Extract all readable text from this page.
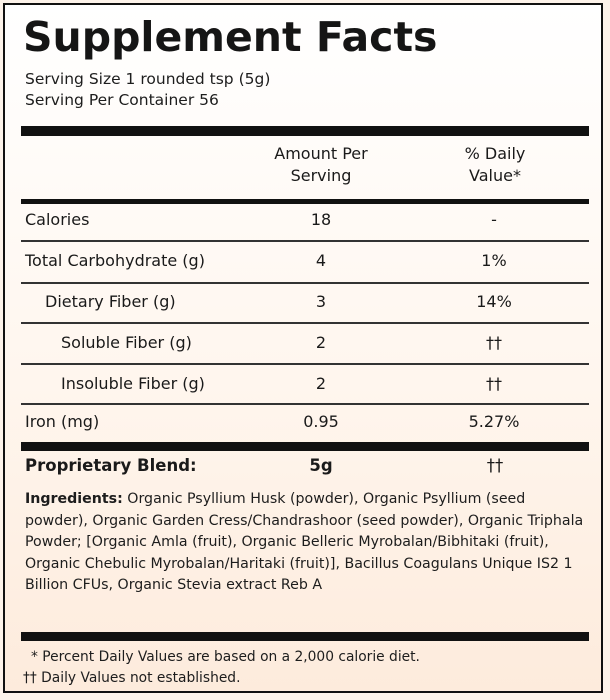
Supplement Facts
Serving Size 1 rounded tsp (5g)
Serving Per Container 56
Amount Per
Serving
% Daily
Value*
Calories	18	-
Total Carbohydrate (g)	4	1%
Dietary Fiber (g)	3	14%
Soluble Fiber (g)	2	††
Insoluble Fiber (g)	2	††
Iron (mg)	0.95	5.27%
Proprietary Blend:	5g	††
Ingredients: Organic Psyllium Husk (powder), Organic Psyllium (seed powder), Organic Garden Cress/Chandrashoor (seed powder), Organic Triphala Powder; [Organic Amla (fruit), Organic Belleric Myrobalan/Bibhitaki (fruit), Organic Chebulic Myrobalan/Haritaki (fruit)], Bacillus Coagulans Unique IS2 1 Billion CFUs, Organic Stevia extract Reb A
* Percent Daily Values are based on a 2,000 calorie diet.
†† Daily Values not established.
